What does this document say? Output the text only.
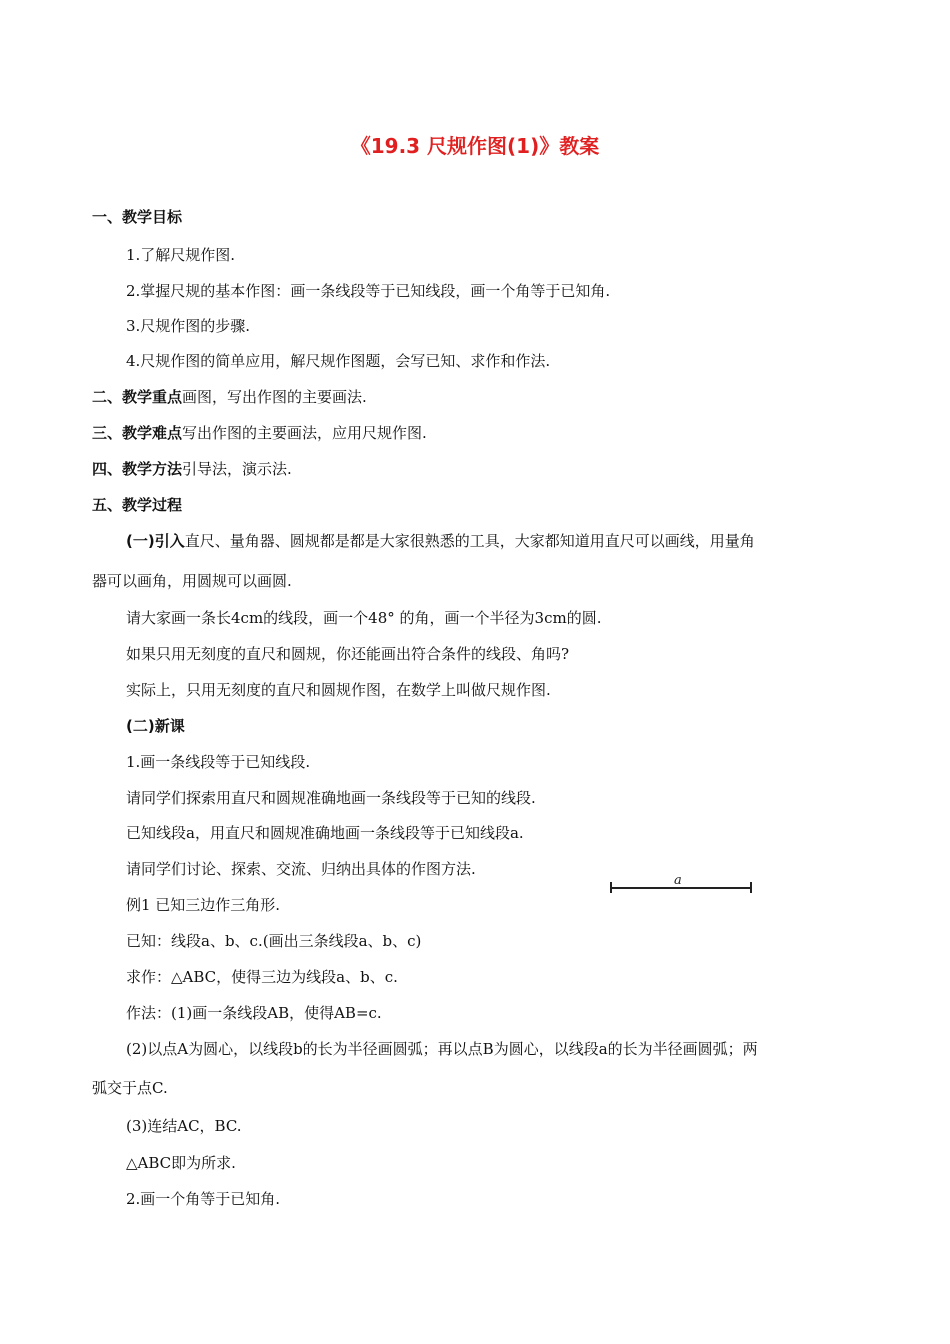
《19.3 尺规作图(1)》教案
一、教学目标
1.了解尺规作图.
2.掌握尺规的基本作图：画一条线段等于已知线段，画一个角等于已知角.
3.尺规作图的步骤.
4.尺规作图的简单应用，解尺规作图题，会写已知、求作和作法.
二、教学重点画图，写出作图的主要画法.
三、教学难点写出作图的主要画法，应用尺规作图.
四、教学方法引导法，演示法.
五、教学过程
(一)引入直尺、量角器、圆规都是都是大家很熟悉的工具，大家都知道用直尺可以画线，用量角
器可以画角，用圆规可以画圆.
请大家画一条长4cm的线段，画一个48° 的角，画一个半径为3cm的圆.
如果只用无刻度的直尺和圆规，你还能画出符合条件的线段、角吗?
实际上，只用无刻度的直尺和圆规作图，在数学上叫做尺规作图.
(二)新课
1.画一条线段等于已知线段.
请同学们探索用直尺和圆规准确地画一条线段等于已知的线段.
已知线段a，用直尺和圆规准确地画一条线段等于已知线段a.
请同学们讨论、探索、交流、归纳出具体的作图方法.
例1 已知三边作三角形.
已知：线段a、b、c.(画出三条线段a、b、c)
求作：△ABC，使得三边为线段a、b、c.
作法：(1)画一条线段AB，使得AB=c.
(2)以点A为圆心，以线段b的长为半径画圆弧；再以点B为圆心，以线段a的长为半径画圆弧；两
弧交于点C.
(3)连结AC，BC.
△ABC即为所求.
2.画一个角等于已知角.
a
